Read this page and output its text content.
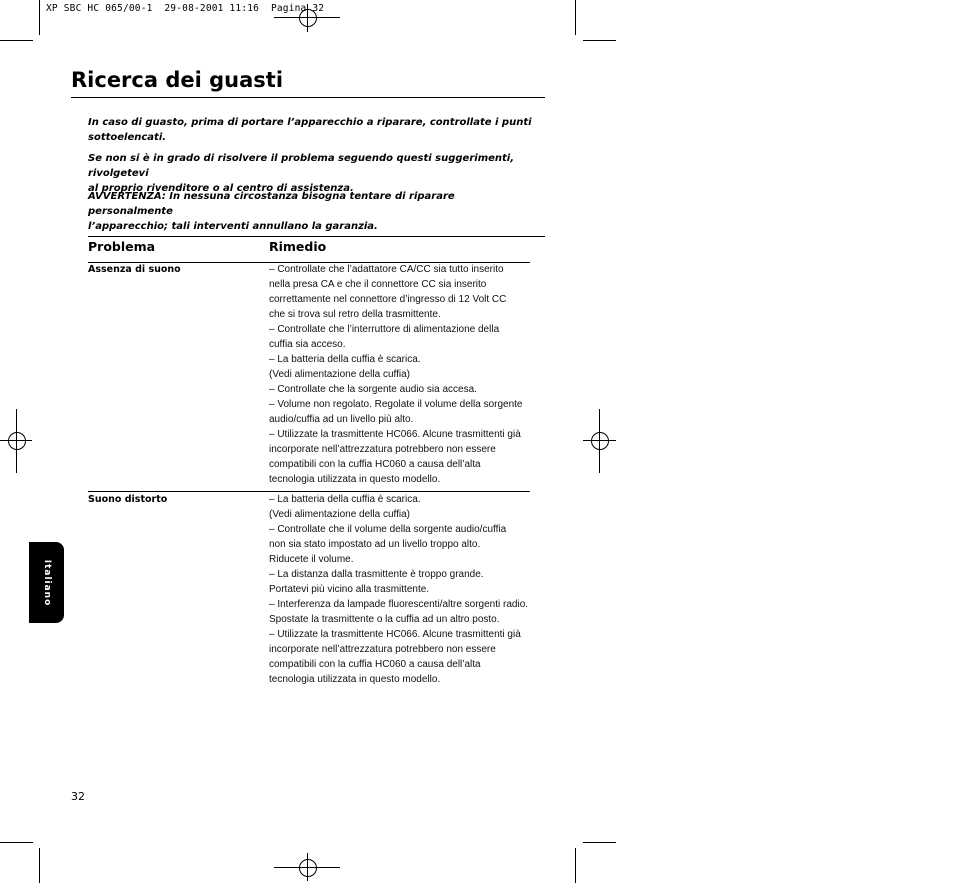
XP SBC HC 065/00-1  29-08-2001 11:16  Pagina 32
Ricerca dei guasti

In caso di guasto, prima di portare l’apparecchio a riparare, controllate i punti
sottoelencati.

Se non si è in grado di risolvere il problema seguendo questi suggerimenti, rivolgetevi
al proprio rivenditore o al centro di assistenza.

AVVERTENZA: In nessuna circostanza bisogna tentare di riparare personalmente
l’apparecchio; tali interventi annullano la garanzia.

Problema	Rimedio
Assenza di suono	– Controllate che l’adattatore CA/CC sia tutto inserito
nella presa CA e che il connettore CC sia inserito
correttamente nel connettore d’ingresso di 12 Volt CC
che si trova sul retro della trasmittente.
– Controllate che l’interruttore di alimentazione della
cuffia sia acceso.
– La batteria della cuffia è scarica.
(Vedi alimentazione della cuffia)
– Controllate che la sorgente audio sia accesa.
– Volume non regolato. Regolate il volume della sorgente
audio/cuffia ad un livello più alto.
– Utilizzate la trasmittente HC066. Alcune trasmittenti già
incorporate nell’attrezzatura potrebbero non essere
compatibili con la cuffia HC060 a causa dell’alta
tecnologia utilizzata in questo modello.
Suono distorto	– La batteria della cuffia è scarica.
(Vedi alimentazione della cuffia)
– Controllate che il volume della sorgente audio/cuffia
non sia stato impostato ad un livello troppo alto.
Riducete il volume.
– La distanza dalla trasmittente è troppo grande.
Portatevi più vicino alla trasmittente.
– Interferenza da lampade fluorescenti/altre sorgenti radio.
Spostate la trasmittente o la cuffia ad un altro posto.
– Utilizzate la trasmittente HC066. Alcune trasmittenti già
incorporate nell’attrezzatura potrebbero non essere
compatibili con la cuffia HC060 a causa dell’alta
tecnologia utilizzata in questo modello.
Italiano
32
